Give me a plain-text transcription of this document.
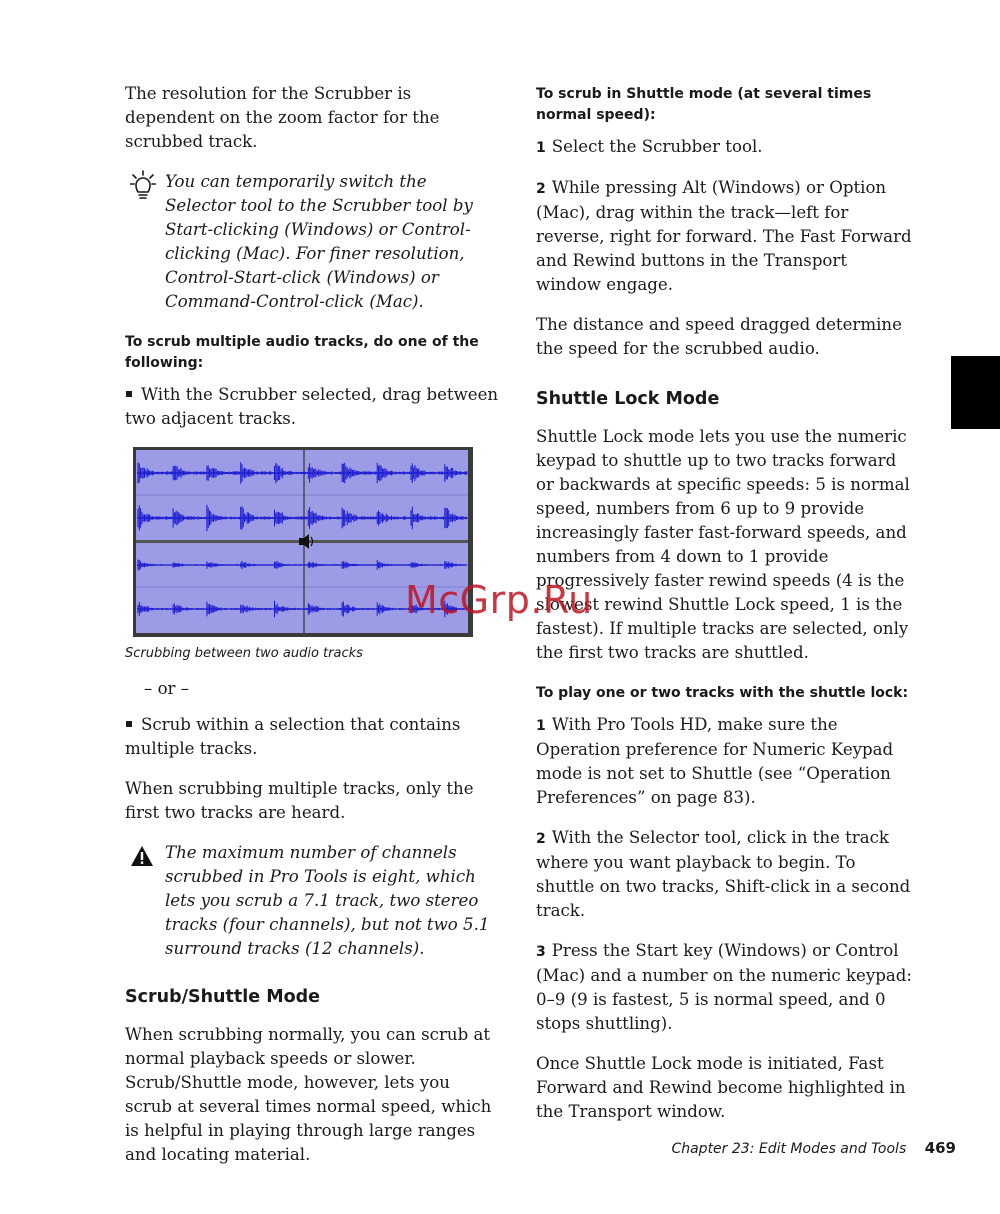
The resolution for the Scrubber is dependent on the zoom factor for the scrubbed track.

You can temporarily switch the Selector tool to the Scrubber tool by Start-clicking (Windows) or Control-clicking (Mac). For finer resolution, Control-Start-click (Windows) or Command-Control-click (Mac).

To scrub multiple audio tracks, do one of the following:

With the Scrubber selected, drag between two adjacent tracks.

Scrubbing between two audio tracks

– or –

Scrub within a selection that contains multiple tracks.

When scrubbing multiple tracks, only the first two tracks are heard.

The maximum number of channels scrubbed in Pro Tools is eight, which lets you scrub a 7.1 track, two stereo tracks (four channels), but not two 5.1 surround tracks (12 channels).

Scrub/Shuttle Mode

When scrubbing normally, you can scrub at normal playback speeds or slower. Scrub/Shuttle mode, however, lets you scrub at several times normal speed, which is helpful in playing through large ranges and locating material.

To scrub in Shuttle mode (at several times normal speed):

1 Select the Scrubber tool.

2 While pressing Alt (Windows) or Option (Mac), drag within the track—left for reverse, right for forward. The Fast Forward and Rewind buttons in the Transport window engage.

The distance and speed dragged determine the speed for the scrubbed audio.

Shuttle Lock Mode

Shuttle Lock mode lets you use the numeric keypad to shuttle up to two tracks forward or backwards at specific speeds: 5 is normal speed, numbers from 6 up to 9 provide increasingly faster fast-forward speeds, and numbers from 4 down to 1 provide progressively faster rewind speeds (4 is the slowest rewind Shuttle Lock speed, 1 is the fastest). If multiple tracks are selected, only the first two tracks are shuttled.

To play one or two tracks with the shuttle lock:

1 With Pro Tools HD, make sure the Operation preference for Numeric Keypad mode is not set to Shuttle (see “Operation Preferences” on page 83).

2 With the Selector tool, click in the track where you want playback to begin. To shuttle on two tracks, Shift-click in a second track.

3 Press the Start key (Windows) or Control (Mac) and a number on the numeric keypad: 0–9 (9 is fastest, 5 is normal speed, and 0 stops shuttling).

Once Shuttle Lock mode is initiated, Fast Forward and Rewind become highlighted in the Transport window.

McGrp.Ru
Chapter 23: Edit Modes and Tools 469
